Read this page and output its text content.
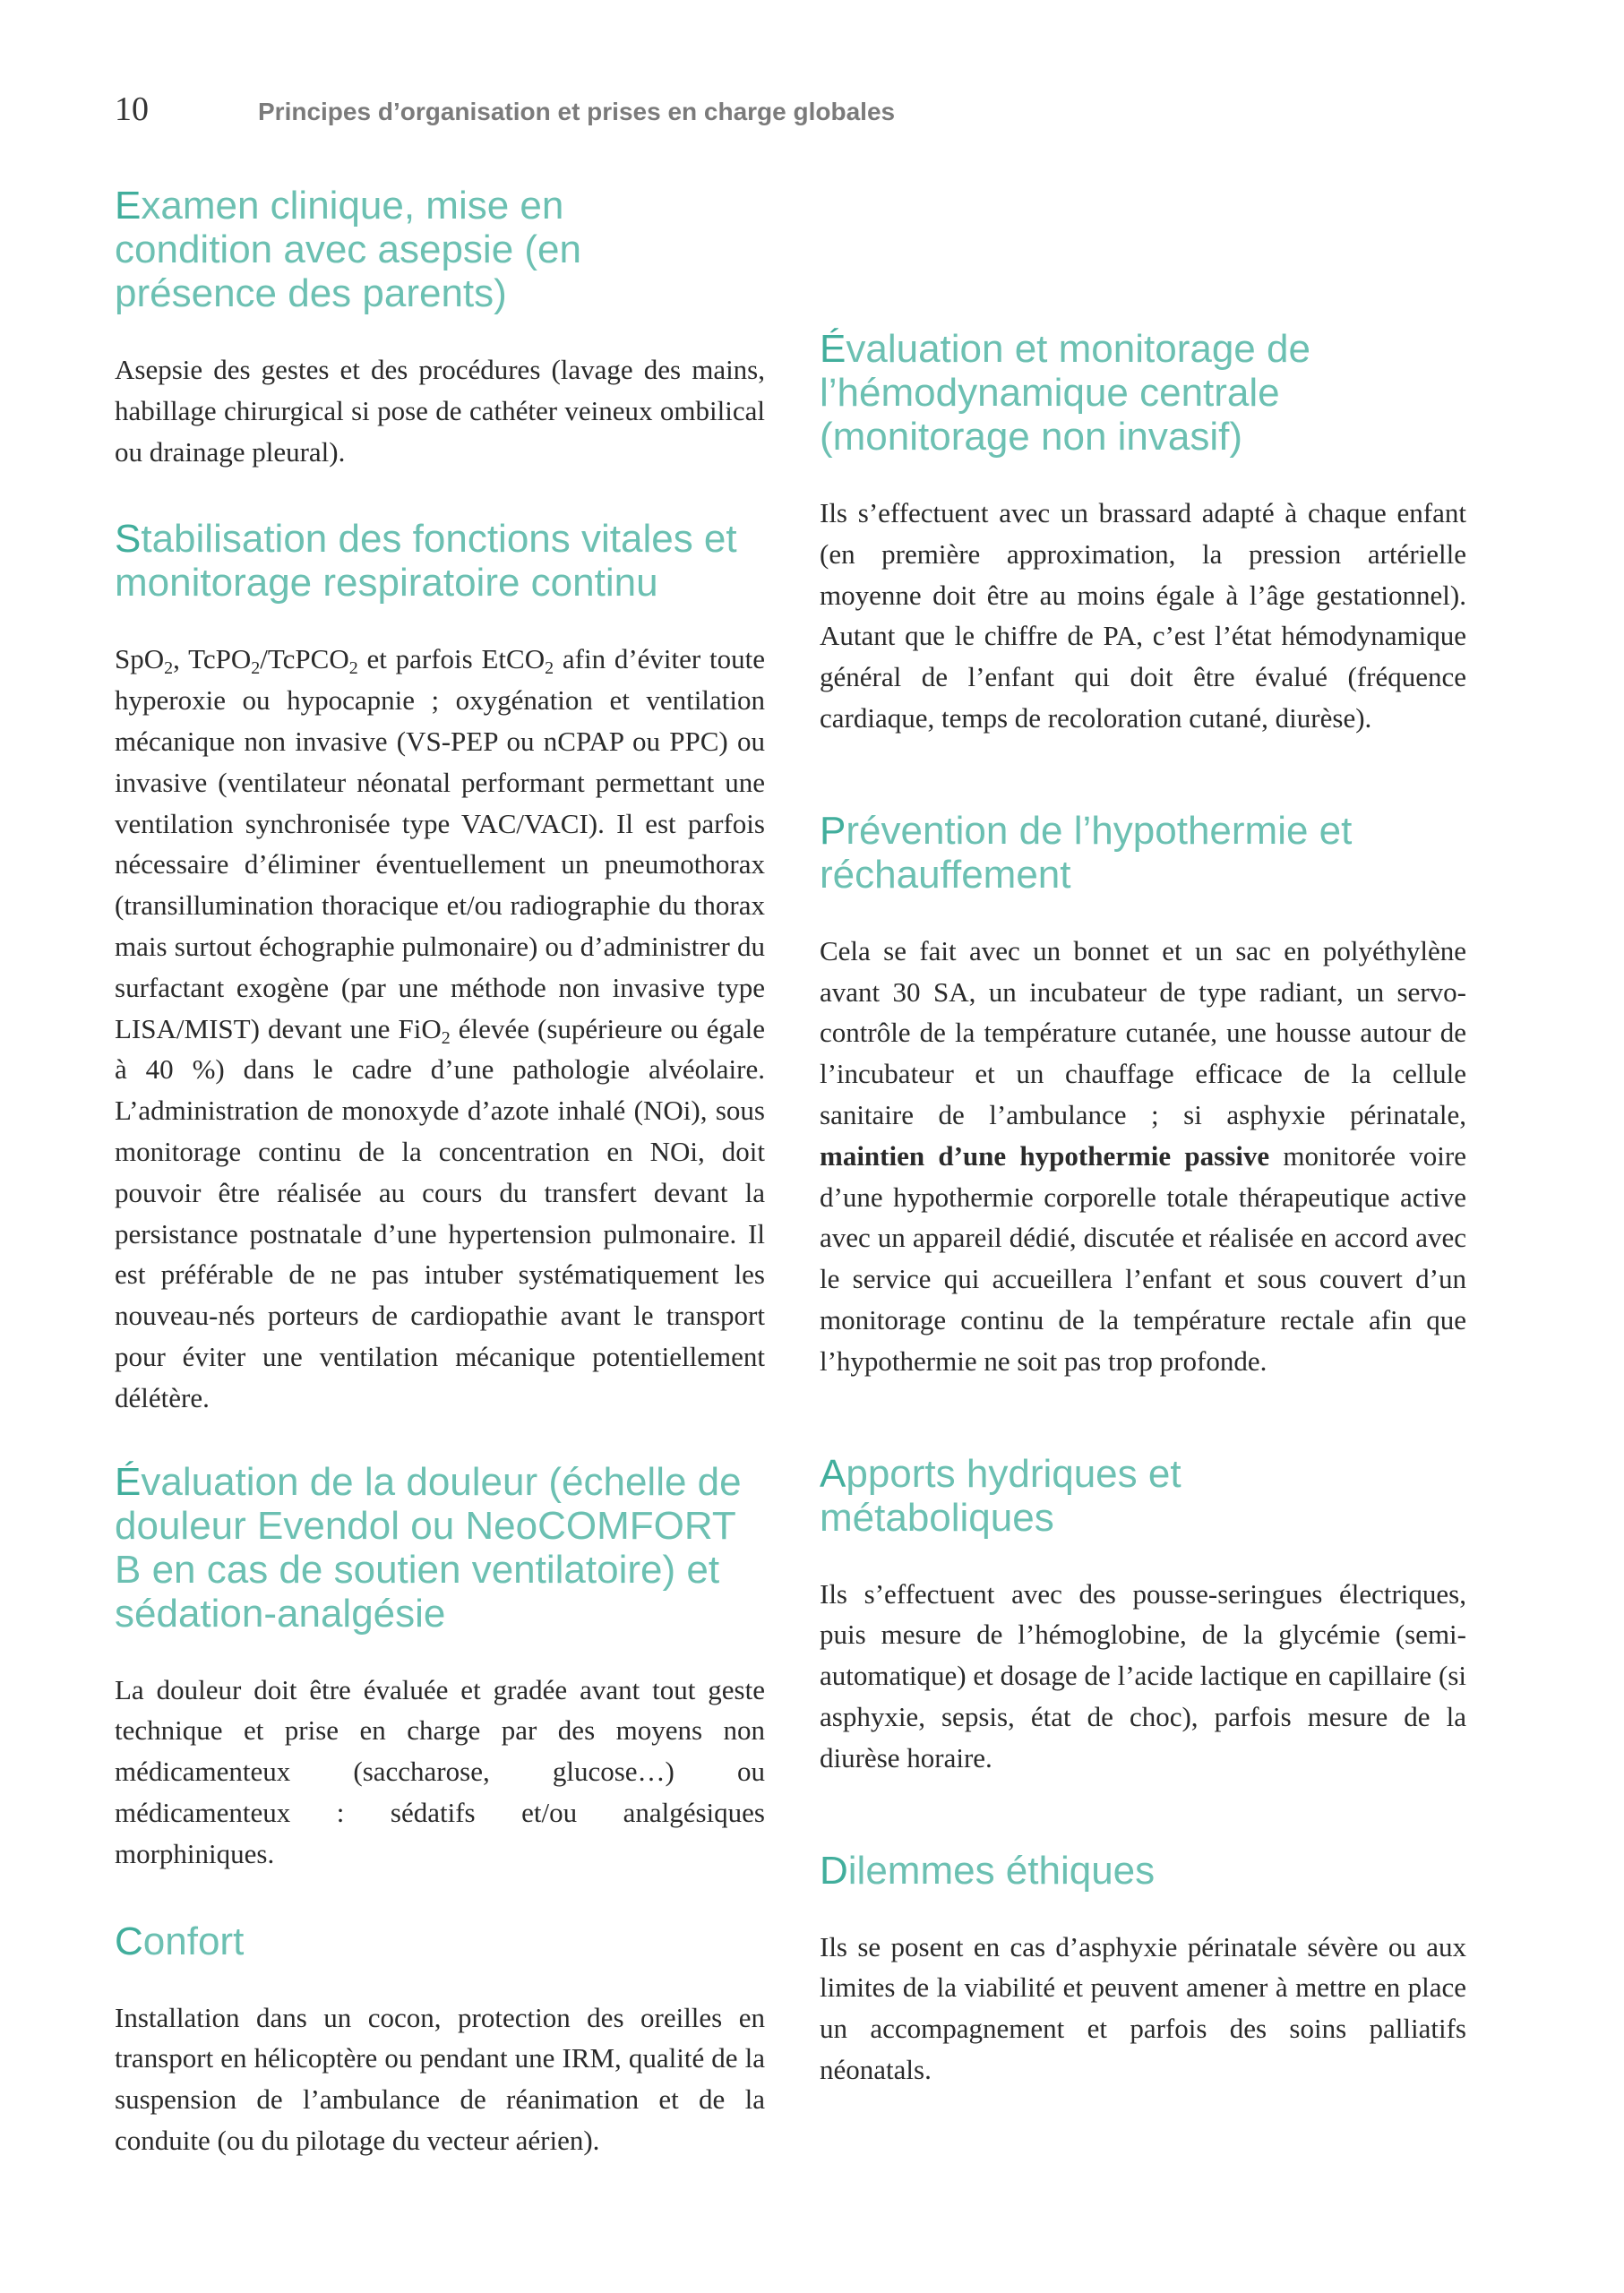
10	Principes d’organisation et prises en charge globales
Examen clinique, mise en condition avec asepsie (en présence des parents)

Asepsie des gestes et des procédures (lavage des mains, habillage chirurgical si pose de cathéter veineux ombilical ou drainage pleural).

Stabilisation des fonctions vitales et monitorage respiratoire continu

SpO$_2$, TcPO$_2$/TcPCO$_2$ et parfois EtCO$_2$ afin d’éviter toute hyperoxie ou hypocapnie ; oxygénation et ventilation mécanique non invasive (VS-PEP ou nCPAP ou PPC) ou invasive (ventilateur néonatal performant permettant une ventilation synchronisée type VAC/VACI). Il est parfois nécessaire d’éliminer éventuellement un pneumothorax (transillumination thoracique et/ou radiographie du thorax mais surtout échographie pulmonaire) ou d’administrer du surfactant exogène (par une méthode non invasive type LISA/MIST) devant une FiO$_2$ élevée (supérieure ou égale à 40 %) dans le cadre d’une pathologie alvéolaire. L’administration de monoxyde d’azote inhalé (NOi), sous monitorage continu de la concentration en NOi, doit pouvoir être réalisée au cours du transfert devant la persistance postnatale d’une hypertension pulmonaire. Il est préférable de ne pas intuber systématiquement les nouveau-nés porteurs de cardiopathie avant le transport pour éviter une ventilation mécanique potentiellement délétère.

Évaluation de la douleur (échelle de douleur Evendol ou NeoCOMFORT B en cas de soutien ventilatoire) et sédation-analgésie

La douleur doit être évaluée et gradée avant tout geste technique et prise en charge par des moyens non médicamenteux (saccharose, glucose…) ou médicamenteux : sédatifs et/ou analgésiques morphiniques.

Confort

Installation dans un cocon, protection des oreilles en transport en hélicoptère ou pendant une IRM, qualité de la suspension de l’ambulance de réanimation et de la conduite (ou du pilotage du vecteur aérien).

Évaluation et monitorage de l’hémodynamique centrale (monitorage non invasif)

Ils s’effectuent avec un brassard adapté à chaque enfant (en première approximation, la pression artérielle moyenne doit être au moins égale à l’âge gestationnel). Autant que le chiffre de PA, c’est l’état hémodynamique général de l’enfant qui doit être évalué (fréquence cardiaque, temps de recoloration cutané, diurèse).

Prévention de l’hypothermie et réchauffement

Cela se fait avec un bonnet et un sac en polyéthylène avant 30 SA, un incubateur de type radiant, un servo-contrôle de la température cutanée, une housse autour de l’incubateur et un chauffage efficace de la cellule sanitaire de l’ambulance ; si asphyxie périnatale, maintien d’une hypothermie passive monitorée voire d’une hypothermie corporelle totale thérapeutique active avec un appareil dédié, discutée et réalisée en accord avec le service qui accueillera l’enfant et sous couvert d’un monitorage continu de la température rectale afin que l’hypothermie ne soit pas trop profonde.

Apports hydriques et métaboliques

Ils s’effectuent avec des pousse-seringues électriques, puis mesure de l’hémoglobine, de la glycémie (semi-automatique) et dosage de l’acide lactique en capillaire (si asphyxie, sepsis, état de choc), parfois mesure de la diurèse horaire.

Dilemmes éthiques

Ils se posent en cas d’asphyxie périnatale sévère ou aux limites de la viabilité et peuvent amener à mettre en place un accompagnement et parfois des soins palliatifs néonatals.
